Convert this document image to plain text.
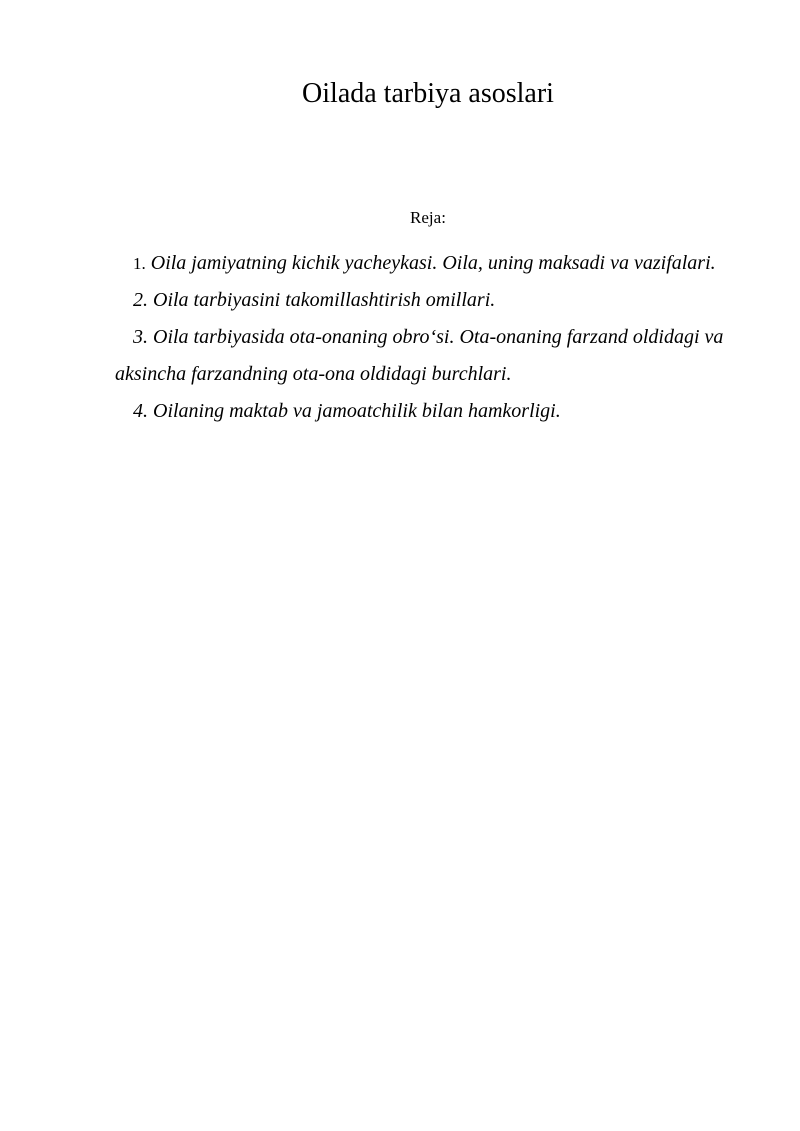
Oilada tarbiya asoslari
Reja:
1. Oila jamiyatning kichik yacheykasi. Oila, uning maksadi va vazifalari.
2. Oila tarbiyasini takomillashtirish omillari.
3. Oila tarbiyasida ota-onaning obro‘si. Ota-onaning farzand oldidagi va aksincha farzandning ota-ona oldidagi burchlari.
4. Oilaning maktab va jamoatchilik bilan hamkorligi.
